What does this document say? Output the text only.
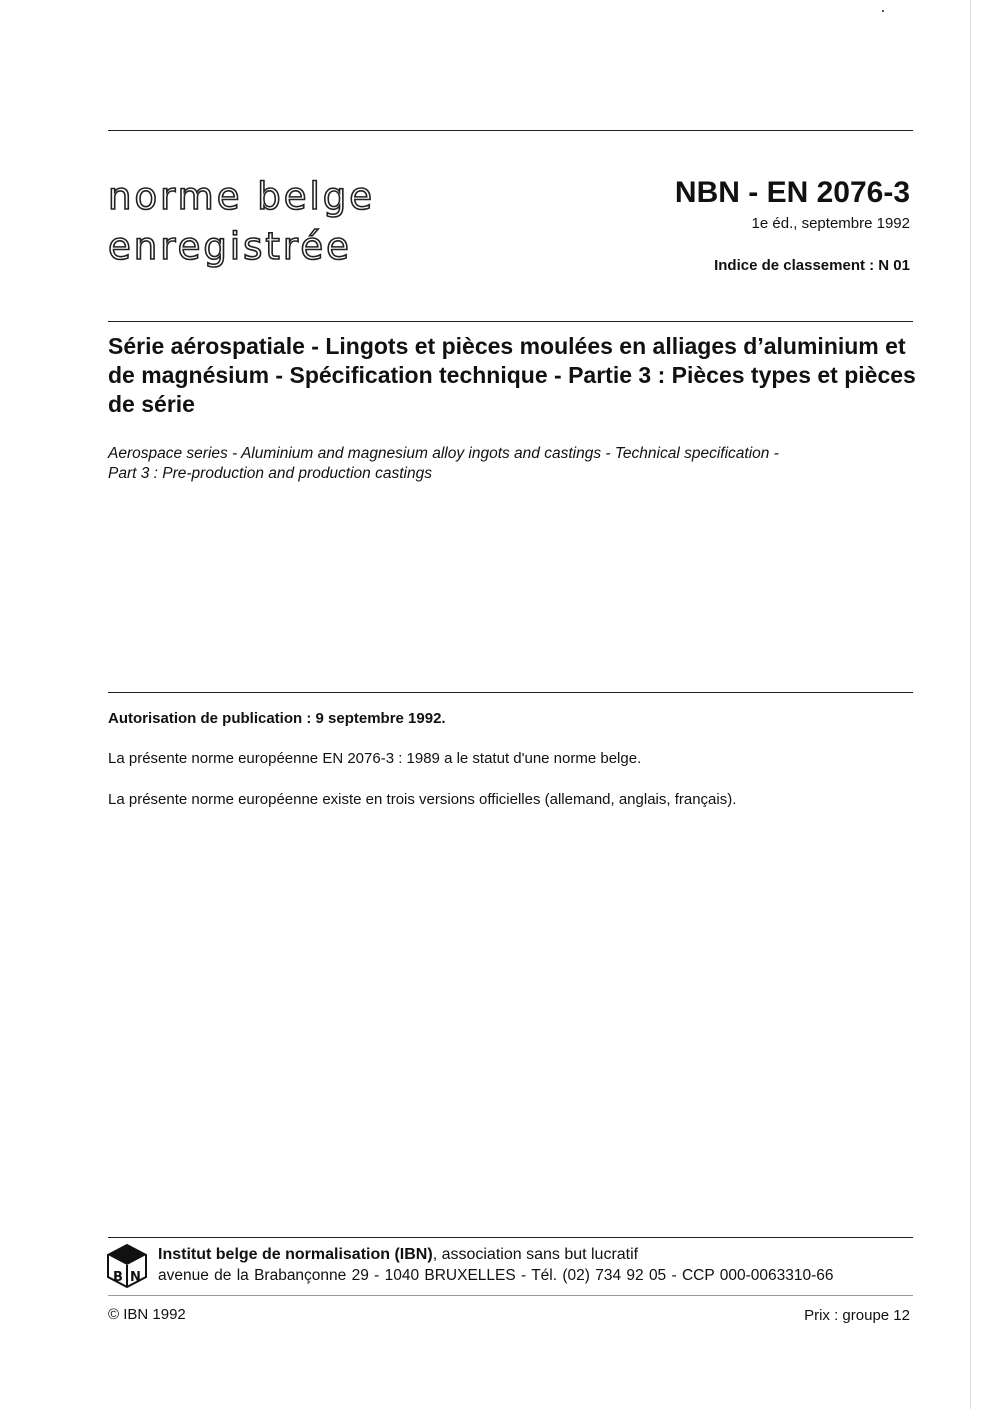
norme belge
enregistrée
NBN - EN 2076-3
1e éd., septembre 1992
Indice de classement : N 01
Série aérospatiale - Lingots et pièces moulées en alliages d’aluminium et de magnésium - Spécification technique - Partie 3 : Pièces types et pièces de série
Aerospace series - Aluminium and magnesium alloy ingots and castings - Technical specification -
Part 3 : Pre-production and production castings
Autorisation de publication : 9 septembre 1992.
La présente norme européenne EN 2076-3 : 1989 a le statut d'une norme belge.
La présente norme européenne existe en trois versions officielles (allemand, anglais, français).
B N
Institut belge de normalisation (IBN), association sans but lucratif
avenue de la Brabançonne 29 - 1040 BRUXELLES - Tél. (02) 734 92 05 - CCP 000-0063310-66
© IBN 1992	Prix : groupe 12
